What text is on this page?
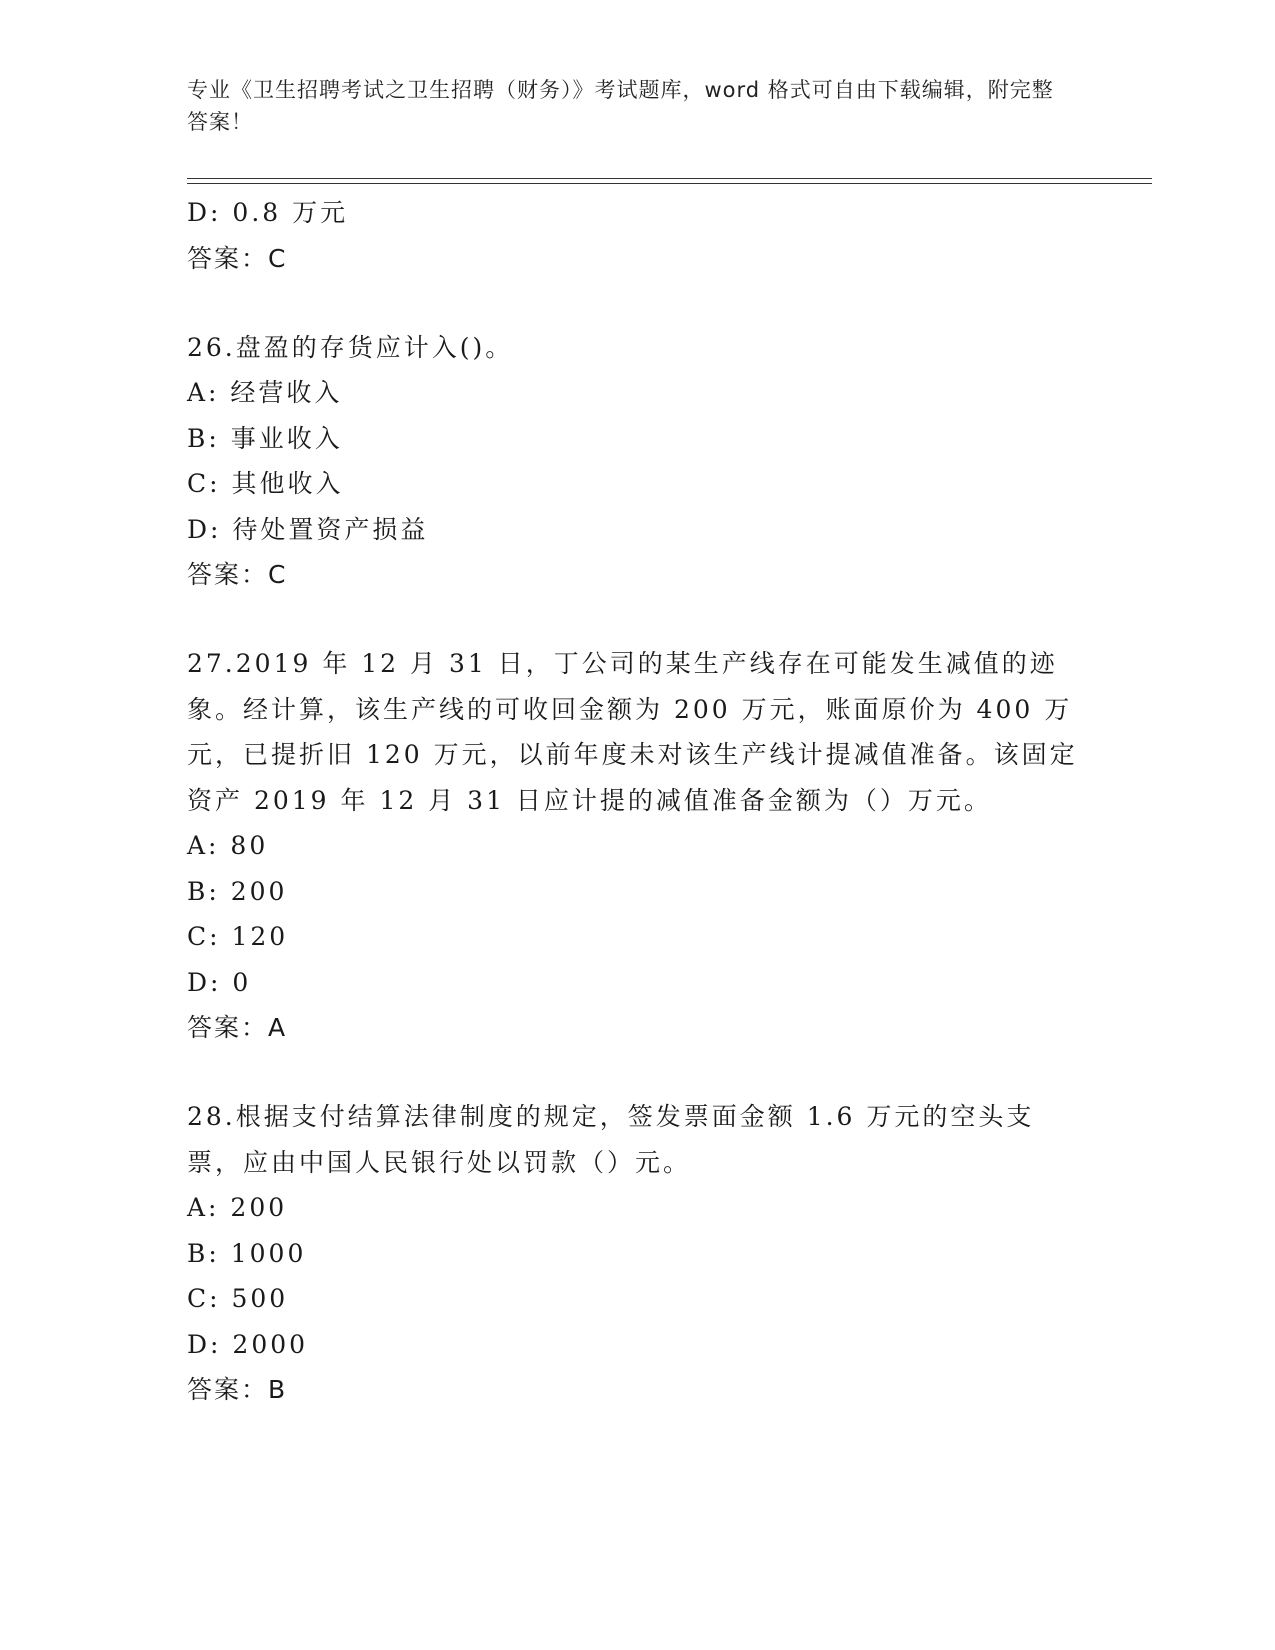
专业《卫生招聘考试之卫生招聘（财务）》考试题库，word 格式可自由下载编辑，附完整答案！
D: 0.8 万元
答案：C
26.盘盈的存货应计入()。
A: 经营收入
B: 事业收入
C: 其他收入
D: 待处置资产损益
答案：C
27.2019 年 12 月 31 日，丁公司的某生产线存在可能发生减值的迹象。经计算，该生产线的可收回金额为 200 万元，账面原价为 400 万元，已提折旧 120 万元，以前年度未对该生产线计提减值准备。该固定资产 2019 年 12 月 31 日应计提的减值准备金额为（）万元。
A: 80
B: 200
C: 120
D: 0
答案：A
28.根据支付结算法律制度的规定，签发票面金额 1.6 万元的空头支票，应由中国人民银行处以罚款（）元。
A: 200
B: 1000
C: 500
D: 2000
答案：B
